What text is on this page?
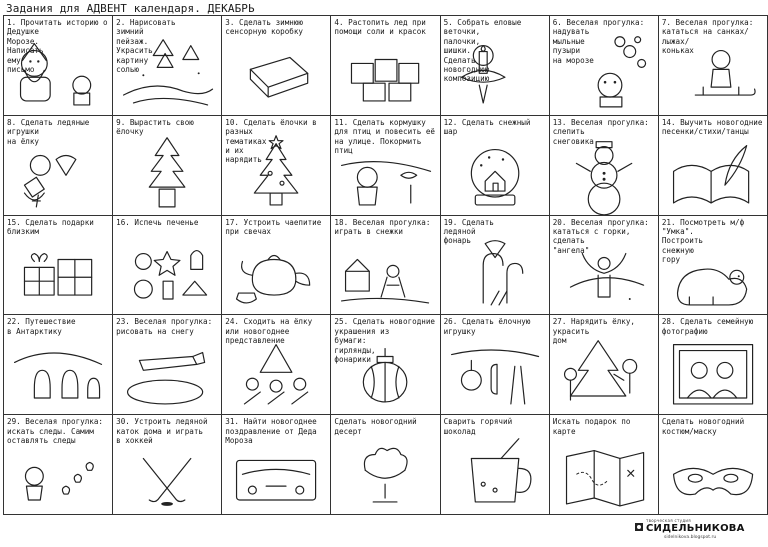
Задания для АДВЕНТ календаря. ДЕКАБРЬ
1. Прочитать историю о
Дедушке
Морозе.
Написать
ему
письмо
2. Нарисовать
зимний
пейзаж.
Украсить
картину
солью
3. Сделать зимнюю
сенсорную коробку
4. Растопить лед при
помощи соли и красок
5. Собрать еловые
веточки,
палочки,
шишки.
Сделать
новогоднюю
композицию
6. Веселая прогулка:
надувать
мыльные
пузыри
на морозе
7. Веселая прогулка:
кататься на санках/
лыжах/
коньках
8. Сделать ледяные
игрушки
на ёлку
9. Вырастить свою
ёлочку
10. Сделать ёлочки в
разных
тематиках
и их
нарядить
11. Сделать кормушку
для птиц и повесить её
на улице. Покормить
птиц
12. Сделать снежный
шар
13. Веселая прогулка:
слепить
снеговика
14. Выучить новогодние
песенки/стихи/танцы
15. Сделать подарки
близким
16. Испечь печенье	17. Устроить чаепитие
при свечах
18. Веселая прогулка:
играть в снежки
19. Сделать
ледяной
фонарь
20. Веселая прогулка:
кататься с горки,
сделать
"ангела"
21. Посмотреть м/ф
"Умка".
Построить
снежную
гору
22. Путешествие
в Антарктику
23. Веселая прогулка:
рисовать на снегу
24. Сходить на ёлку
или новогоднее
представление
25. Сделать новогодние
украшения из
бумаги:
гирлянды,
фонарики
26. Сделать ёлочную
игрушку
27. Нарядить ёлку,
украсить
дом
28. Сделать семейную
фотографию
29. Веселая прогулка:
искать следы. Самим
оставлять следы
30. Устроить ледяной
каток дома и играть
в хоккей
31. Найти новогоднее
поздравление от Деда
Мороза
Сделать новогодний
десерт
Сварить горячий
шоколад
Искать подарок по
карте
Сделать новогодний
костюм/маску
творческая студия
СИДЕЛЬНИКОВА
sidelnikova.blogspot.ru
